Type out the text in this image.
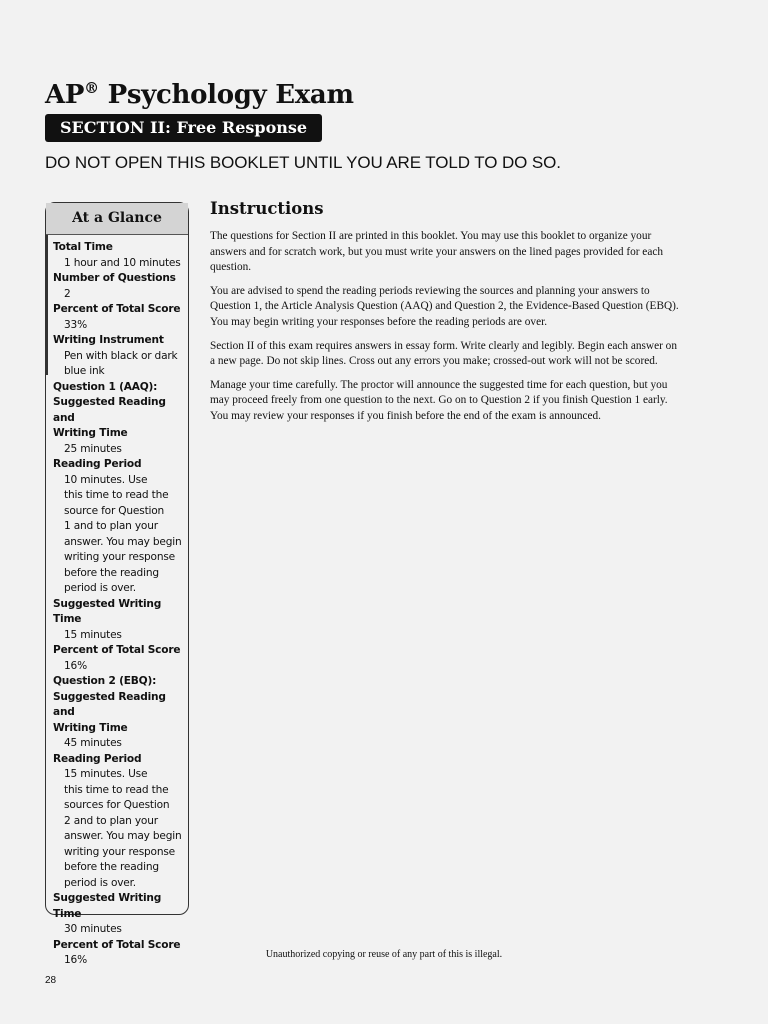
AP® Psychology Exam
SECTION II: Free Response
DO NOT OPEN THIS BOOKLET UNTIL YOU ARE TOLD TO DO SO.
At a Glance
Total Time
1 hour and 10 minutes
Number of Questions
2
Percent of Total Score
33%
Writing Instrument
Pen with black or dark
blue ink
Question 1 (AAQ):
Suggested Reading and
Writing Time
25 minutes
Reading Period
10 minutes. Use
this time to read the
source for Question
1 and to plan your
answer. You may begin
writing your response
before the reading
period is over.
Suggested Writing Time
15 minutes
Percent of Total Score
16%
Question 2 (EBQ):
Suggested Reading and
Writing Time
45 minutes
Reading Period
15 minutes. Use
this time to read the
sources for Question
2 and to plan your
answer. You may begin
writing your response
before the reading
period is over.
Suggested Writing Time
30 minutes
Percent of Total Score
16%
Instructions

The questions for Section II are printed in this booklet. You may use this booklet to organize your answers and for scratch work, but you must write your answers on the lined pages provided for each question.

You are advised to spend the reading periods reviewing the sources and planning your answers to Question 1, the Article Analysis Question (AAQ) and Question 2, the Evidence-Based Question (EBQ). You may begin writing your responses before the reading periods are over.

Section II of this exam requires answers in essay form. Write clearly and legibly. Begin each answer on a new page. Do not skip lines. Cross out any errors you make; crossed-out work will not be scored.

Manage your time carefully. The proctor will announce the suggested time for each question, but you may proceed freely from one question to the next. Go on to Question 2 if you finish Question 1 early. You may review your responses if you finish before the end of the exam is announced.

Unauthorized copying or reuse of any part of this is illegal.
28
